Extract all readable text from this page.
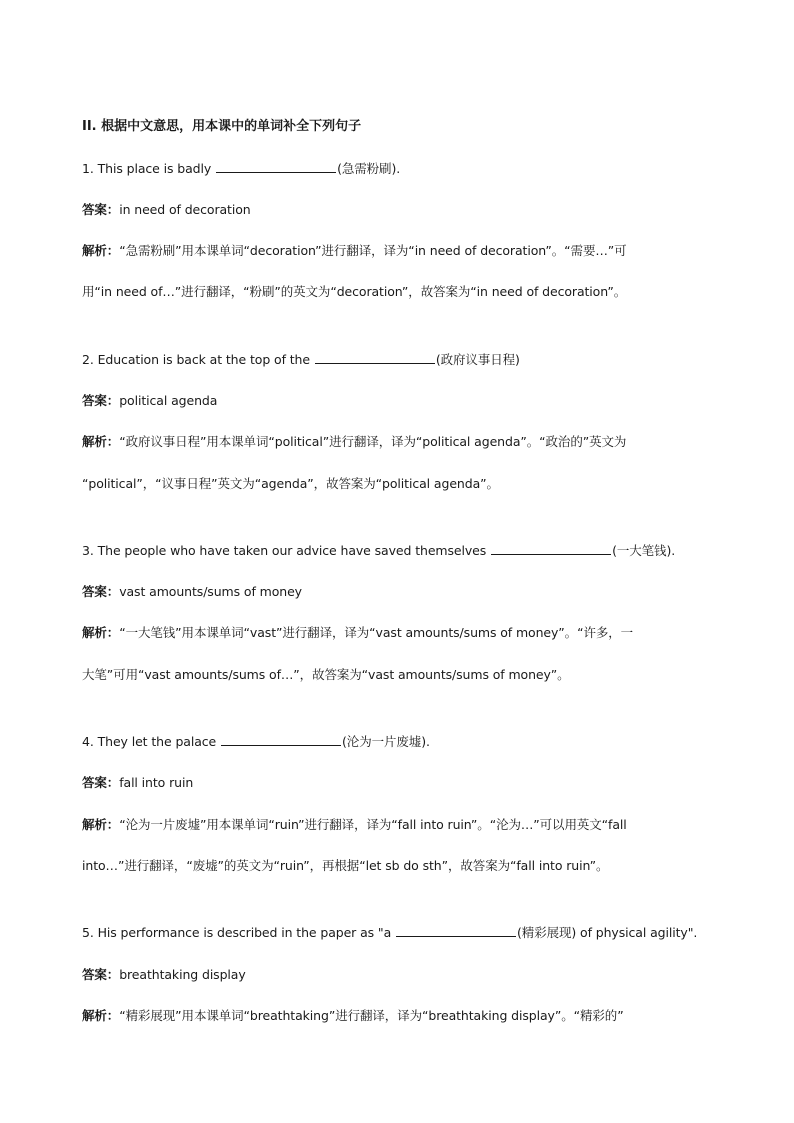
II. 根据中文意思，用本课中的单词补全下列句子
1. This place is badly	(急需粉刷).
答案：in need of decoration
解析：“急需粉刷”用本课单词“decoration”进行翻译，译为“in need of decoration”。“需要…”可
用“in need of…”进行翻译，“粉刷”的英文为“decoration”，故答案为“in need of decoration”。
2. Education is back at the top of the	(政府议事日程)
答案：political agenda
解析：“政府议事日程”用本课单词“political”进行翻译，译为“political agenda”。“政治的”英文为
“political”，“议事日程”英文为“agenda”，故答案为“political agenda”。
3. The people who have taken our advice have saved themselves	(一大笔钱).
答案：vast amounts/sums of money
解析：“一大笔钱”用本课单词“vast”进行翻译，译为“vast amounts/sums of money”。“许多，一
大笔”可用“vast amounts/sums of…”，故答案为“vast amounts/sums of money”。
4. They let the palace	(沦为一片废墟).
答案：fall into ruin
解析：“沦为一片废墟”用本课单词“ruin”进行翻译，译为“fall into ruin”。“沦为…”可以用英文“fall
into…”进行翻译，“废墟”的英文为“ruin”，再根据“let sb do sth”，故答案为“fall into ruin”。
5. His performance is described in the paper as "a	(精彩展现) of physical agility".
答案：breathtaking display
解析：“精彩展现”用本课单词“breathtaking”进行翻译，译为“breathtaking display”。“精彩的”
